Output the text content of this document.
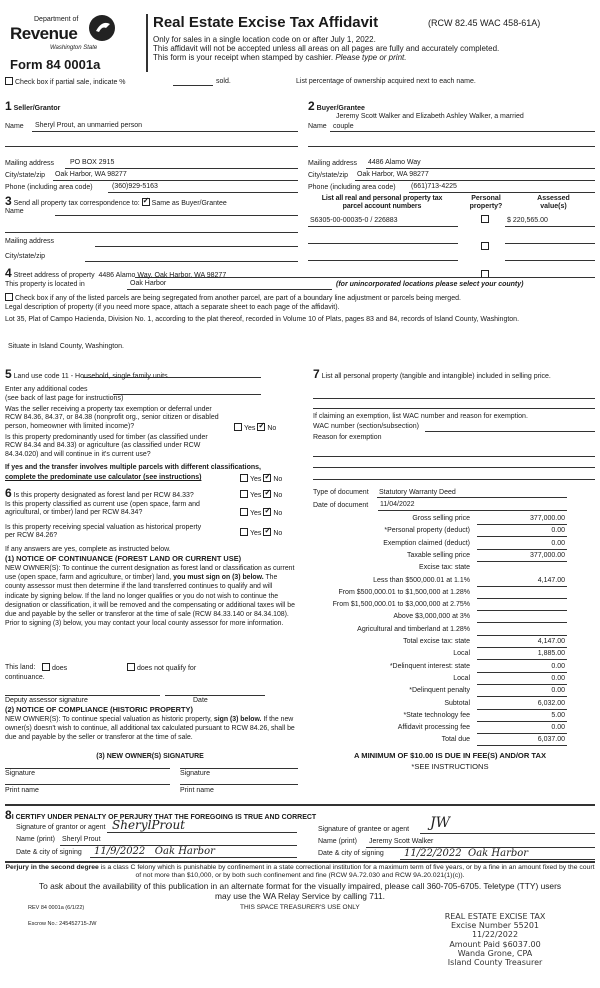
Department of
Revenue
Washington State
Form 84 0001a
Real Estate Excise Tax Affidavit	(RCW 82.45 WAC 458-61A)
Only for sales in a single location code on or after July 1, 2022.
This affidavit will not be accepted unless all areas on all pages are fully and accurately completed.
This form is your receipt when stamped by cashier. Please type or print.
Check box if partial sale, indicate %	sold.	List percentage of ownership acquired next to each name.
1 Seller/Grantor
Name Sheryl Prout, an unmarried person
Mailing address PO BOX 2915
City/state/zip Oak Harbor, WA 98277
Phone (including area code)	(360)929-5163
2 Buyer/Grantee
Jeremy Scott Walker and Elizabeth Ashley Walker, a married
Name couple
Mailing address 4486 Alamo Way
City/state/zip Oak Harbor, WA 98277
Phone (including area code) (661)713-4225
3 Send all property tax correspondence to: ✓ Same as Buyer/Grantee
Name
Mailing address
City/state/zip
List all real and personal property tax
parcel account numbers
Personal
property?
Assessed
value(s)
S6305-00-00035-0 / 226883	$ 220,565.00
4 Street address of property 4486 Alamo Way, Oak Harbor, WA 98277
This property is located in	Oak Harbor	(for unincorporated locations please select your county)
Check box if any of the listed parcels are being segregated from another parcel, are part of a boundary line adjustment or parcels being merged.
Legal description of property (if you need more space, attach a separate sheet to each page of the affidavit).
Lot 35, Plat of Campo Hacienda, Division No. 1, according to the plat thereof, recorded in Volume 10 of Plats, pages 83 and 84, records of Island County, Washington.
Situate in Island County, Washington.
5 Land use code 11 - Household, single family units
Enter any additional codes
(see back of last page for instructions)
Was the seller receiving a property tax exemption or deferral under RCW 84.36, 84.37, or 84.38 (nonprofit org., senior citizen or disabled person, homeowner with limited income)?	Yes ✓ No
Is this property predominantly used for timber (as classified under RCW 84.34 and 84.33) or agriculture (as classified under RCW 84.34.020) and will continue in it's current use?
If yes and the transfer involves multiple parcels with different classifications,
complete the predominate use calculator (see instructions)	Yes ✓ No
6 Is this property designated as forest land per RCW 84.33?	Yes ✓ No
Is this property classified as current use (open space, farm and agricultural, or timber) land per RCW 84.34?	Yes ✓ No
Is this property receiving special valuation as historical property per RCW 84.26?	Yes ✓ No
If any answers are yes, complete as instructed below.
(1) NOTICE OF CONTINUANCE (FOREST LAND OR CURRENT USE)
NEW OWNER(S): To continue the current designation as forest land or classification as current use (open space, farm and agriculture, or timber) land, you must sign on (3) below. The county assessor must then determine if the land transferred continues to qualify and will indicate by signing below. If the land no longer qualifies or you do not wish to continue the designation or classification, it will be removed and the compensating or additional taxes will be due and payable by the seller or transferor at the time of sale (RCW 84.33.140 or 84.34.108). Prior to signing (3) below, you may contact your local county assessor for more information.
This land:	does	does not qualify for
continuance.
Deputy assessor signature	Date
(2) NOTICE OF COMPLIANCE (HISTORIC PROPERTY)
NEW OWNER(S): To continue special valuation as historic property, sign (3) below. If the new owner(s) doesn't wish to continue, all additional tax calculated pursuant to RCW 84.26, shall be due and payable by the seller or transferor at the time of sale.
(3) NEW OWNER(S) SIGNATURE
Signature	Signature
Print name	Print name
7 List all personal property (tangible and intangible) included in selling price.
If claiming an exemption, list WAC number and reason for exemption.
WAC number (section/subsection)
Reason for exemption
Type of document Statutory Warranty Deed
Date of document 11/04/2022
Gross selling price	377,000.00
*Personal property (deduct)	0.00
Exemption claimed (deduct)	0.00
Taxable selling price	377,000.00
Excise tax: state
Less than $500,000.01 at 1.1%	4,147.00
From $500,000.01 to $1,500,000 at 1.28%
From $1,500,000.01 to $3,000,000 at 2.75%
Above $3,000,000 at 3%
Agricultural and timberland at 1.28%
Total excise tax: state	4,147.00
Local	1,885.00
*Delinquent interest: state	0.00
Local	0.00
*Delinquent penalty	0.00
Subtotal	6,032.00
*State technology fee	5.00
Affidavit processing fee	0.00
Total due	6,037.00
A MINIMUM OF $10.00 IS DUE IN FEE(S) AND/OR TAX
*SEE INSTRUCTIONS
8I CERTIFY UNDER PENALTY OF PERJURY THAT THE FOREGOING IS TRUE AND CORRECT
Signature of grantor or agent SherylProut
Name (print) Sheryl Prout
Date & city of signing 11/9/2022   Oak Harbor
Signature of grantee or agent JW
Name (print) Jeremy Scott Walker
Date & city of signing 11/22/2022  Oak Harbor
Perjury in the second degree is a class C felony which is punishable by confinement in a state correctional institution for a maximum term of five years, or by a fine in an amount fixed by the court of not more than $10,000, or by both such confinement and fine (RCW 9A.72.030 and RCW 9A.20.021(1)(c)).
To ask about the availability of this publication in an alternate format for the visually impaired, please call 360-705-6705. Teletype (TTY) users may use the WA Relay Service by calling 711.
REV 84 0001a (6/1/22)	THIS SPACE TREASURER'S USE ONLY
Escrow No.: 245452715-JW
REAL ESTATE EXCISE TAX
Excise Number 55201
11/22/2022
Amount Paid $6037.00
Wanda Grone, CPA
Island County Treasurer
